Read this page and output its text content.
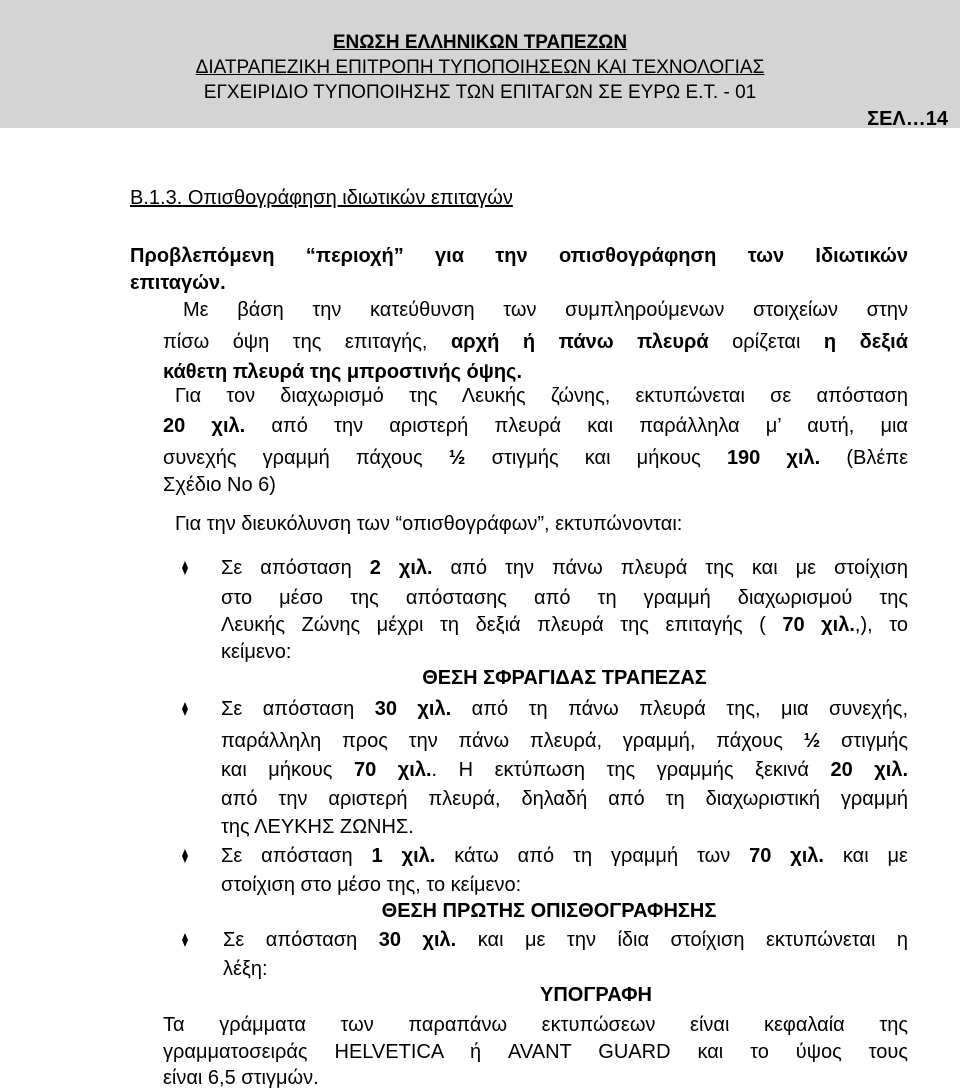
ΕΝΩΣΗ ΕΛΛΗΝΙΚΩΝ ΤΡΑΠΕΖΩΝ
ΔΙΑΤΡΑΠΕΖΙΚΗ ΕΠΙΤΡΟΠΗ ΤΥΠΟΠΟΙΗΣΕΩΝ ΚΑΙ ΤΕΧΝΟΛΟΓΙΑΣ
ΕΓΧΕΙΡΙΔΙΟ ΤΥΠΟΠΟΙΗΣΗΣ ΤΩΝ ΕΠΙΤΑΓΩΝ ΣΕ ΕΥΡΩ Ε.Τ. - 01
ΣΕΛ…14
Β.1.3. Οπισθογράφηση ιδιωτικών επιταγών
Προβλεπόμενη “περιοχή” για την οπισθογράφηση των Ιδιωτικών
επιταγών.
Με βάση την κατεύθυνση των συμπληρούμενων στοιχείων στην
πίσω όψη της επιταγής, αρχή ή πάνω πλευρά ορίζεται η δεξιά
κάθετη πλευρά της μπροστινής όψης.
Για τον διαχωρισμό της Λευκής ζώνης, εκτυπώνεται σε απόσταση
20 χιλ. από την αριστερή πλευρά και παράλληλα μ’ αυτή, μια
συνεχής γραμμή πάχους ½ στιγμής και μήκους 190 χιλ. (Βλέπε
Σχέδιο Νο 6)
Για την διευκόλυνση των “οπισθογράφων”, εκτυπώνονται:
Σε απόσταση 2 χιλ. από την πάνω πλευρά της και με στοίχιση
στο μέσο της απόστασης από τη γραμμή διαχωρισμού της
Λευκής Ζώνης μέχρι τη δεξιά πλευρά της επιταγής ( 70 χιλ.,), το
κείμενο:
ΘΕΣΗ ΣΦΡΑΓΙΔΑΣ ΤΡΑΠΕΖΑΣ
Σε απόσταση 30 χιλ. από τη πάνω πλευρά της, μια συνεχής,
παράλληλη προς την πάνω πλευρά, γραμμή, πάχους ½ στιγμής
και μήκους 70 χιλ.. Η εκτύπωση της γραμμής ξεκινά 20 χιλ.
από την αριστερή πλευρά, δηλαδή από τη διαχωριστική γραμμή
της ΛΕΥΚΗΣ ΖΩΝΗΣ.
Σε απόσταση 1 χιλ. κάτω από τη γραμμή των 70 χιλ. και με
στοίχιση στο μέσο της, το κείμενο:
ΘΕΣΗ ΠΡΩΤΗΣ ΟΠΙΣΘΟΓΡΑΦΗΣΗΣ
Σε απόσταση 30 χιλ. και με την ίδια στοίχιση εκτυπώνεται η
λέξη:
ΥΠΟΓΡΑΦΗ
Τα γράμματα των παραπάνω εκτυπώσεων είναι κεφαλαία της
γραμματοσειράς HELVETICA ή AVANT GUARD και το ύψος τους
είναι 6,5 στιγμών.
